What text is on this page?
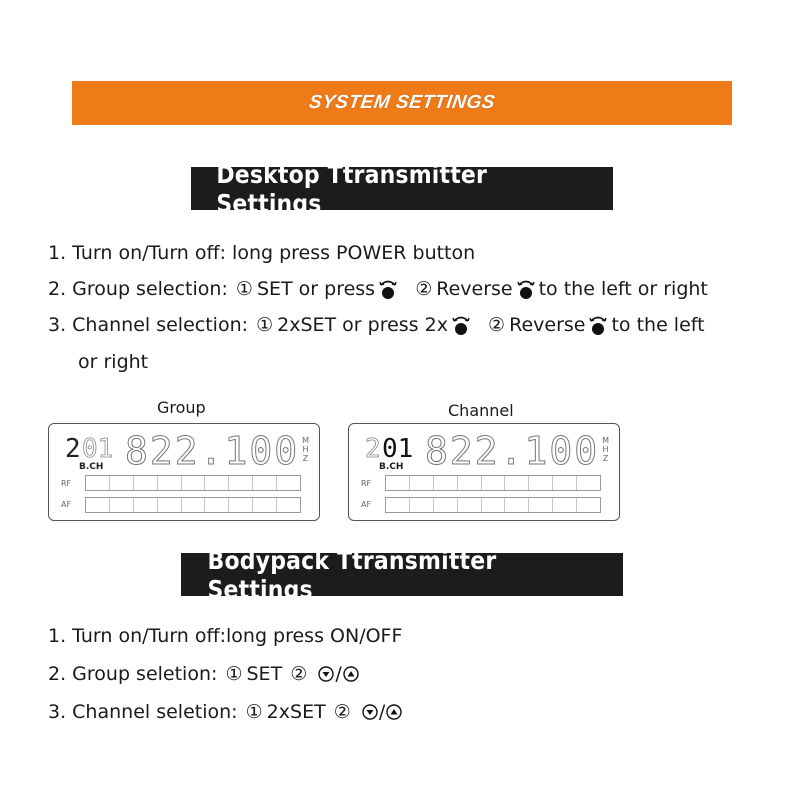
SYSTEM SETTINGS
Desktop Ttransmitter Settings
1. Turn on/Turn off: long press POWER button
2. Group selection:
① SET or press
② Reverse to the left or right
3. Channel selection:
① 2xSET or press 2x
② Reverse to the left
or right
Group
2 01 822.100 M
H
Z
B.CH
RF
AF
Channel
2 01 822.100 M
H
Z
B.CH
RF
AF
Bodypack Ttransmitter Settings
1. Turn on/Turn off:long press ON/OFF
2. Group seletion:
① SET
②
/
3. Channel seletion:
① 2xSET
②
/
